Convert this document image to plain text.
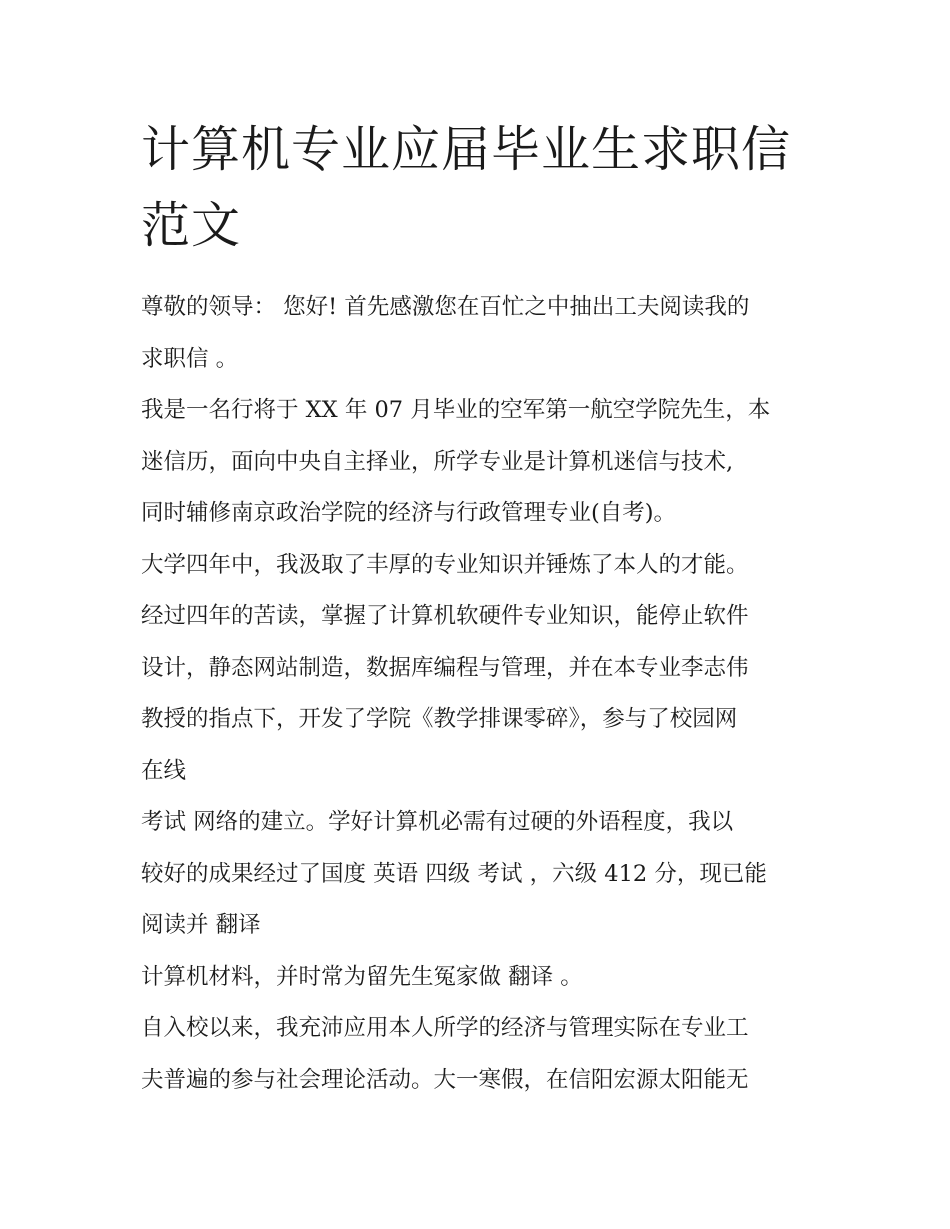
计算机专业应届毕业生求职信
范文
尊敬的领导： 您好! 首先感激您在百忙之中抽出工夫阅读我的
求职信 。
我是一名行将于 XX 年 07 月毕业的空军第一航空学院先生，本
迷信历，面向中央自主择业，所学专业是计算机迷信与技术,
同时辅修南京政治学院的经济与行政管理专业(自考)。
大学四年中，我汲取了丰厚的专业知识并锤炼了本人的才能。
经过四年的苦读，掌握了计算机软硬件专业知识，能停止软件
设计，静态网站制造，数据库编程与管理，并在本专业李志伟
教授的指点下，开发了学院《教学排课零碎》，参与了校园网
在线
考试 网络的建立。学好计算机必需有过硬的外语程度，我以
较好的成果经过了国度 英语 四级 考试 ，六级 412 分，现已能
阅读并 翻译
计算机材料，并时常为留先生冤家做 翻译 。
自入校以来，我充沛应用本人所学的经济与管理实际在专业工
夫普遍的参与社会理论活动。大一寒假，在信阳宏源太阳能无
